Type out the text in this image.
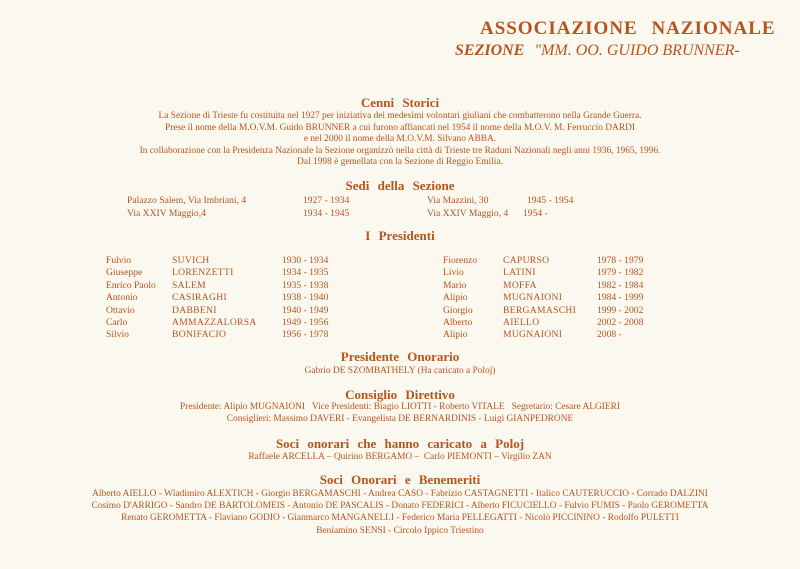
ASSOCIAZIONE NAZIONALE
SEZIONE "MM. OO. GUIDO BRUNNER-
Cenni Storici
La Sezione di Trieste fu costituita nel 1927 per iniziativa dei medesimi volontari giuliani che combatterono nella Grande Guerra.
Prese il nome della M.O.V.M. Guido BRUNNER a cui furono affiancati nel 1954 il nome della M.O.V. M. Ferruccio DARDI
e nel 2000 il nome della M.O.V.M. Silvano ABBA.
In collaborazione con la Presidenza Nazionale la Sezione organizzò nella città di Trieste tre Raduni Nazionali negli anni 1936, 1965, 1996.
Dal 1998 è gemellata con la Sezione di Reggio Emilia.
Sedi della Sezione
Palazzo Salem, Via Imbriani, 4	1927 - 1934
Via XXIV Maggio,4	1934 - 1945
Via Mazzini, 30	1945 - 1954
Via XXIV Maggio, 4 1954 -
I Presidenti
Fulvio	SUVICH	1930 - 1934
Giuseppe	LORENZETTI	1934 - 1935
Enrico Paolo SALEM	1935 - 1938
Antonio	CASIRAGHI	1938 - 1940
Ottavio	DABBENI	1940 - 1949
Carlo	AMMAZZALORSA	1949 - 1956
Silvio	BONIFACIO	1956 - 1978
Fiorenzo	CAPURSO	1978 - 1979
Livio	LATINI	1979 - 1982
Mario	MOFFA	1982 - 1984
Alipio	MUGNAIONI	1984 - 1999
Giorgio	BERGAMASCHI 1999 - 2002
Alberto	AIELLO	2002 - 2008
Alipio	MUGNAIONI	2008 -
Presidente Onorario
Gabrio DE SZOMBATHELY (Ha caricato a Poloj)
Consiglio Direttivo
Presidente: Alipio MUGNAIONI   Vice Presidenti: Biagio LIOTTI - Roberto VITALE   Segretario: Cesare ALGIERI
Consiglieri: Massimo DAVERI - Evangelista DE BERNARDINIS - Luigi GIANPEDRONE
Soci onorari che hanno caricato a Poloj
Raffaele ARCELLA – Quirino BERGAMO –  Carlo PIEMONTI – Virgilio ZAN
Soci Onorari e Benemeriti
Alberto AIELLO - Wladimiro ALEXTICH - Giorgio BERGAMASCHI - Andrea CASO - Fabrizio CASTAGNETTI - Italico CAUTERUCCIO - Corrado DALZINI
Cosimo D'ARRIGO - Sandro DE BARTOLOMEIS - Antonio DE PASCALIS - Donato FEDERICI - Alberto FICUCIELLO - Fulvio FUMIS - Paolo GEROMETTA
Renato GEROMETTA - Flaviano GODIO - Gianmarco MANGANELLI - Federico Maria PELLEGATTI - Nicolò PICCININO - Rodolfo PULETTI
Beniamino SENSI - Circolo Ippico Triestino
